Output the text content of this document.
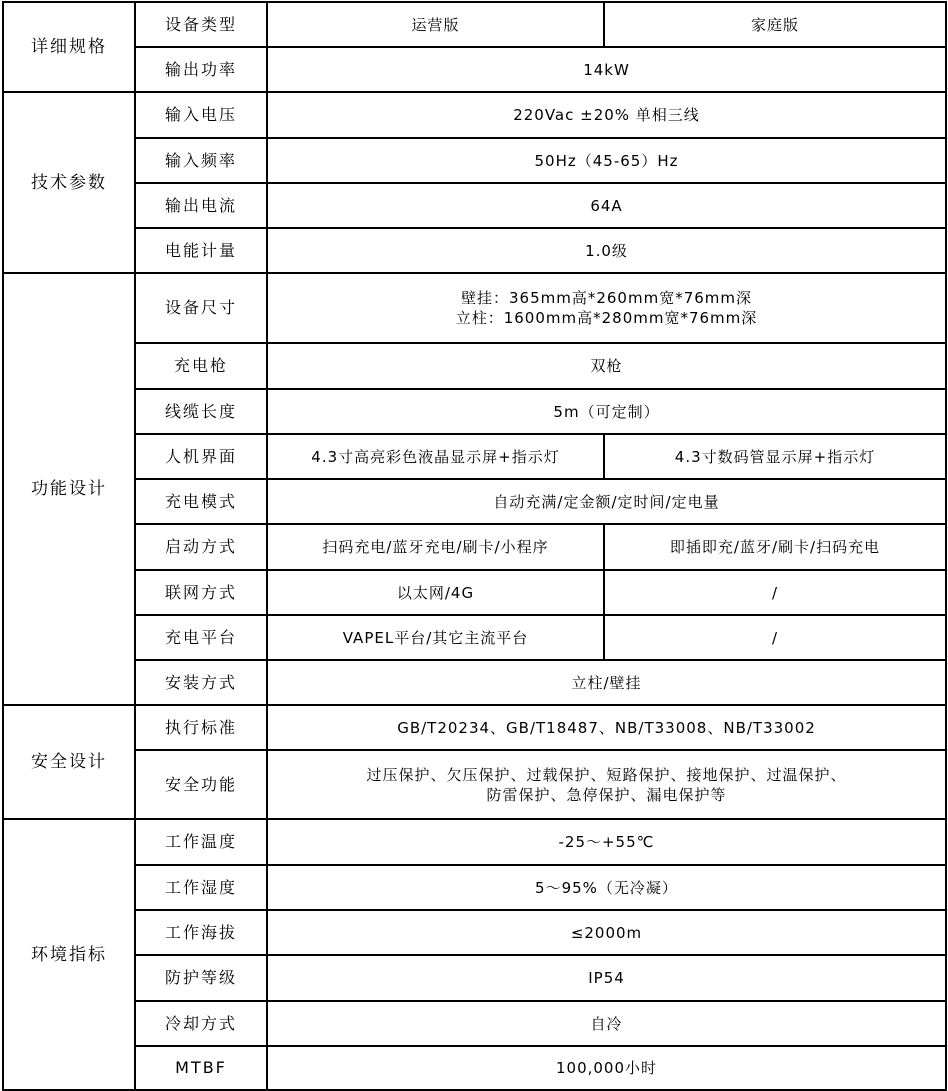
详细规格	设备类型	运营版	家庭版
	输出功率	14kW	
技术参数	输入电压	220Vac ±20% 单相三线	
	输入频率	50Hz（45-65）Hz	
	输出电流	64A	
	电能计量	1.0级	
功能设计	设备尺寸	壁挂：365mm高*260mm宽*76mm深
立柱：1600mm高*280mm宽*76mm深	

	充电枪	双枪	
	线缆长度	5m（可定制）	
	人机界面	4.3寸高亮彩色液晶显示屏+指示灯	4.3寸数码管显示屏+指示灯
	充电模式	自动充满/定金额/定时间/定电量	
	启动方式	扫码充电/蓝牙充电/刷卡/小程序	即插即充/蓝牙/刷卡/扫码充电
	联网方式	以太网/4G	/
	充电平台	VAPEL平台/其它主流平台	/
	安装方式	立柱/壁挂	
安全设计	执行标准	GB/T20234、GB/T18487、NB/T33008、NB/T33002	
	安全功能	过压保护、欠压保护、过载保护、短路保护、接地保护、过温保护、
防雷保护、急停保护、漏电保护等	

环境指标	工作温度	-25～+55℃	
	工作湿度	5～95%（无冷凝）	
	工作海拔	≤2000m	
	防护等级	IP54	
	冷却方式	自冷	
	MTBF	100,000小时	
